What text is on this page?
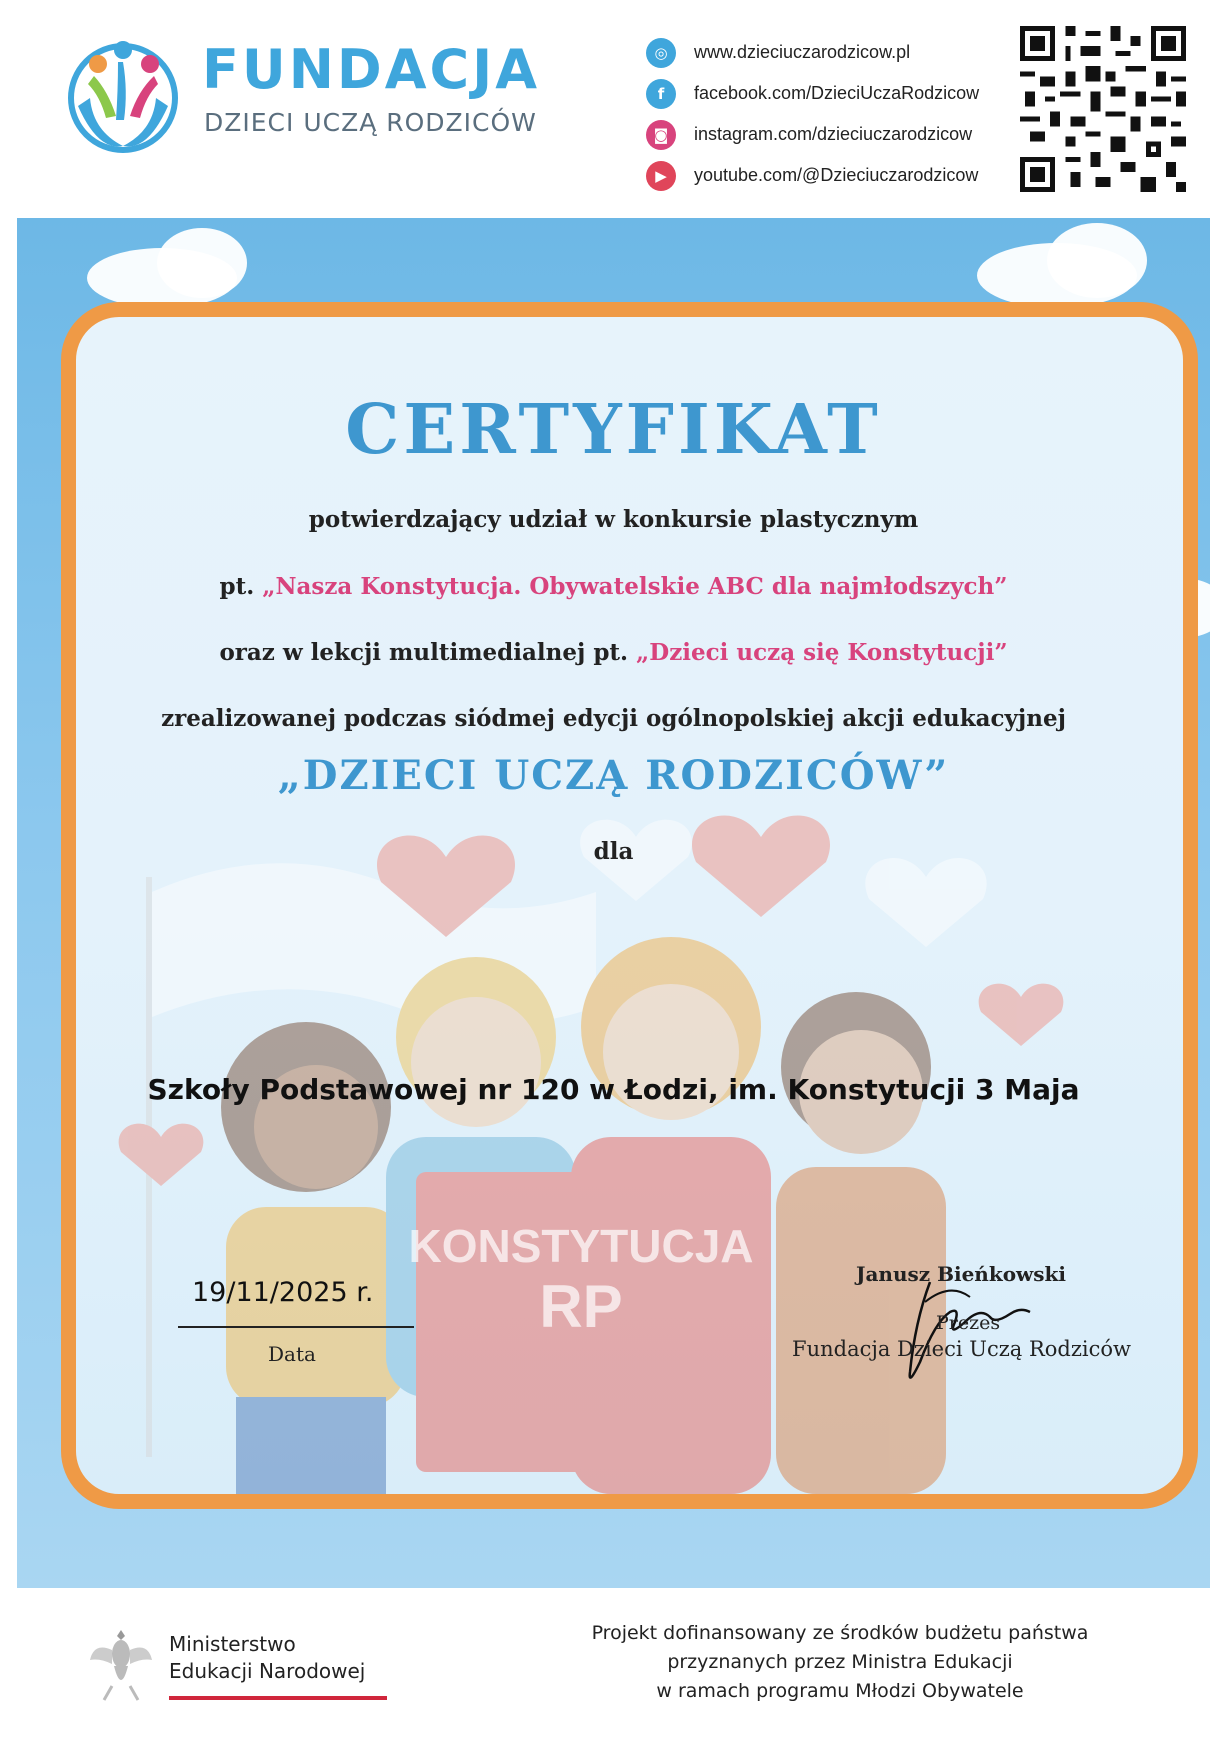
FUNDACJA
DZIECI UCZĄ RODZICÓW
◎	www.dzieciuczarodzicow.pl
f	facebook.com/DzieciUczaRodzicow
◙	instagram.com/dzieciuczarodzicow
▶	youtube.com/@Dzieciuczarodzicow
KONSTYTUCJA
RP
CERTYFIKAT
potwierdzający udział w konkursie plastycznym
pt. „Nasza Konstytucja. Obywatelskie ABC dla najmłodszych”
oraz w lekcji multimedialnej pt. „Dzieci uczą się Konstytucji”
zrealizowanej podczas siódmej edycji ogólnopolskiej akcji edukacyjnej
„DZIECI UCZĄ RODZICÓW”
dla
Szkoły Podstawowej nr 120 w Łodzi, im. Konstytucji 3 Maja
19/11/2025 r.
Data
Janusz Bieńkowski
Prezes
Fundacja Dzieci Uczą Rodziców
Ministerstwo
Edukacji Narodowej
Projekt dofinansowany ze środków budżetu państwa
przyznanych przez Ministra Edukacji
w ramach programu Młodzi Obywatele
